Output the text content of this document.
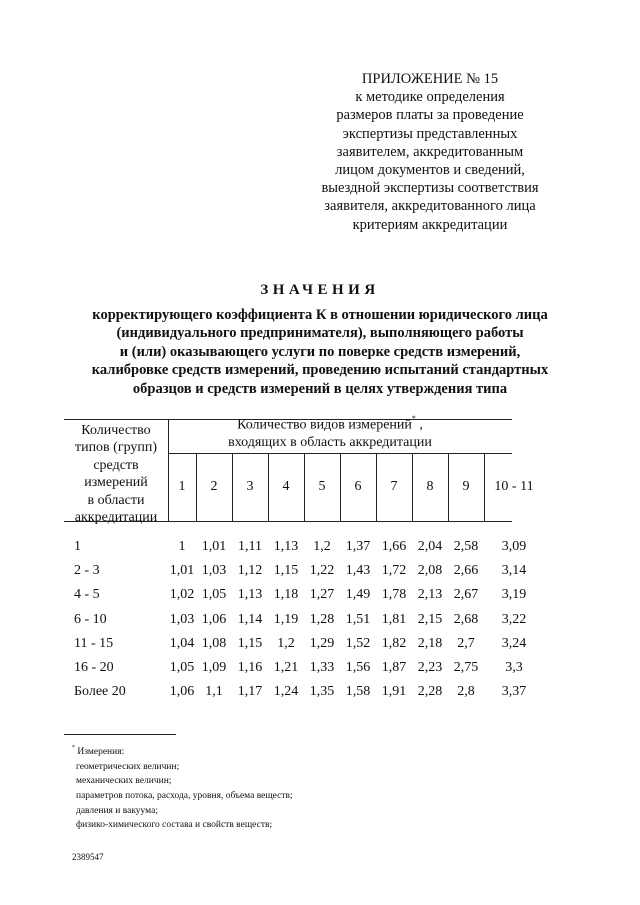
ПРИЛОЖЕНИЕ № 15
к методике определения
размеров платы за проведение
экспертизы представленных
заявителем, аккредитованным
лицом документов и сведений,
выездной экспертизы соответствия
заявителя, аккредитованного лица
критериям аккредитации
ЗНАЧЕНИЯ
корректирующего коэффициента К в отношении юридического лица
(индивидуального предпринимателя), выполняющего работы
и (или) оказывающего услуги по поверке средств измерений,
калибровке средств измерений, проведению испытаний стандартных
образцов и средств измерений в целях утверждения типа
Количество
типов (групп)
средств
измерений
в области
аккредитации
Количество видов измерений* ,
входящих в область аккредитации
1	2	3	4	5	6	7	8	9	10 - 11
1	1	1,01 1,11 1,13	1,2	1,37 1,66 2,04 2,58	3,09
2 - 3	1,01 1,03 1,12 1,15 1,22 1,43 1,72 2,08 2,66	3,14
4 - 5	1,02 1,05 1,13 1,18 1,27 1,49 1,78 2,13 2,67	3,19
6 - 10	1,03 1,06 1,14 1,19 1,28 1,51 1,81 2,15 2,68	3,22
11 - 15	1,04 1,08 1,15	1,2	1,29 1,52 1,82 2,18	2,7	3,24
16 - 20	1,05 1,09 1,16 1,21 1,33 1,56 1,87 2,23 2,75	3,3
Более 20	1,06 1,1	1,17 1,24 1,35 1,58 1,91 2,28	2,8	3,37
* Измерения:
геометрических величин;
механических величин;
параметров потока, расхода, уровня, объема веществ;
давления и вакуума;
физико-химического состава и свойств веществ;
2389547
